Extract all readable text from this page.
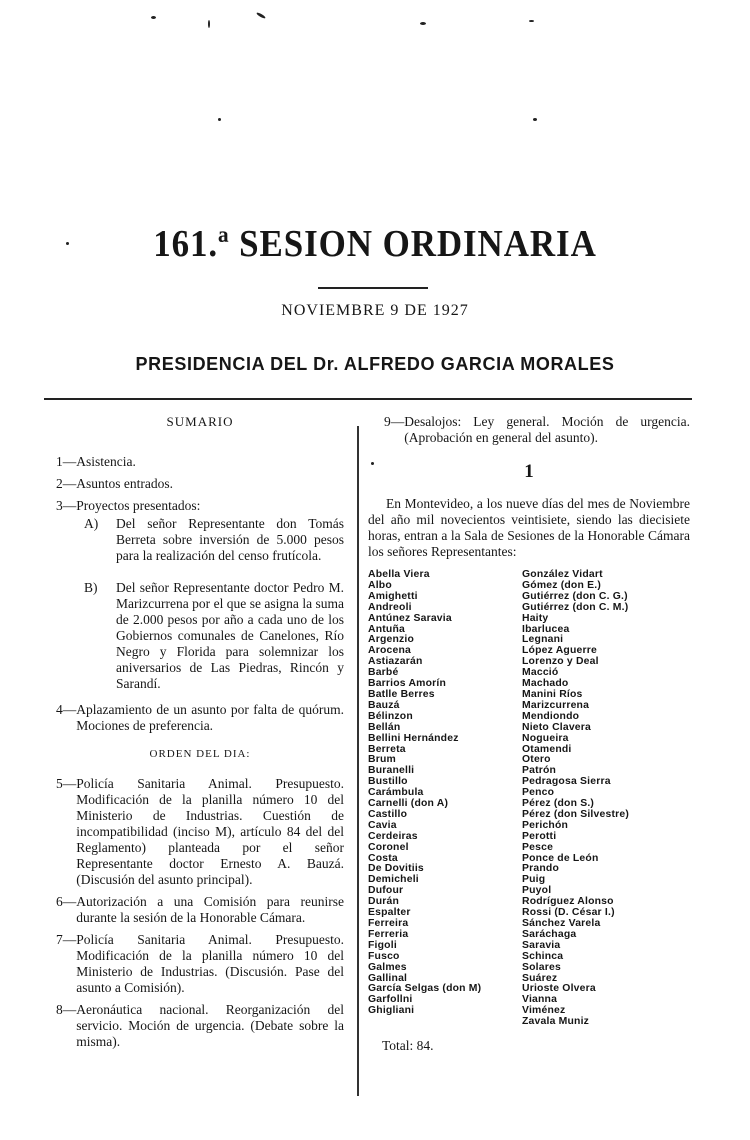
161.ª SESION ORDINARIA
NOVIEMBRE 9 DE 1927
PRESIDENCIA DEL Dr. ALFREDO GARCIA MORALES
SUMARIO
1— Asistencia.
2— Asuntos entrados.
3— Proyectos presentados:
A)	Del señor Representante don Tomás Berreta sobre inversión de 5.000 pesos para la realización del censo frutícola.
B)	Del señor Representante doctor Pedro M. Marizcurrena por el que se asigna la suma de 2.000 pesos por año a cada uno de los Gobiernos comunales de Canelones, Río Negro y Florida para solemnizar los aniversarios de Las Piedras, Rincón y Sarandí.
4— Aplazamiento de un asunto por falta de quórum. Mociones de preferencia.
ORDEN DEL DIA:
5— Policía Sanitaria Animal. Presupuesto. Modificación de la planilla número 10 del Ministerio de Industrias. Cuestión de incompatibilidad (inciso M), artículo 84 del del Reglamento) planteada por el señor Representante doctor Ernesto A. Bauzá. (Discusión del asunto principal).
6— Autorización a una Comisión para reunirse durante la sesión de la Honorable Cámara.
7— Policía Sanitaria Animal. Presupuesto. Modificación de la planilla número 10 del Ministerio de Industrias. (Discusión. Pase del asunto a Comisión).
8— Aeronáutica nacional. Reorganización del servicio. Moción de urgencia. (Debate sobre la misma).
9— Desalojos: Ley general. Moción de urgencia. (Aprobación en general del asunto).
1
En Montevideo, a los nueve días del mes de Noviembre del año mil novecientos veintisiete, siendo las diecisiete horas, entran a la Sala de Sesiones de la Honorable Cámara los señores Representantes:
Abella Viera
Albo
Amighetti
Andreoli
Antúnez Saravia
Antuña
Argenzio
Arocena
Astiazarán
Barbé
Barrios Amorín
Batlle Berres
Bauzá
Bélinzon
Bellán
Bellini Hernández
Berreta
Brum
Buranelli
Bustillo
Carámbula
Carnelli (don A)
Castillo
Cavia
Cerdeiras
Coronel
Costa
De Dovitiis
Demicheli
Dufour
Durán
Espalter
Ferreira
Ferreria
Figoli
Fusco
Galmes
Gallinal
García Selgas (don M)
Garfollni
Ghigliani
González Vidart
Gómez (don E.)
Gutiérrez (don C. G.)
Gutiérrez (don C. M.)
Haity
Ibarlucea
Legnani
López Aguerre
Lorenzo y Deal
Macció
Machado
Manini Ríos
Marizcurrena
Mendiondo
Nieto Clavera
Nogueira
Otamendi
Otero
Patrón
Pedragosa Sierra
Penco
Pérez (don S.)
Pérez (don Silvestre)
Perichón
Perotti
Pesce
Ponce de León
Prando
Puig
Puyol
Rodríguez Alonso
Rossi (D. César I.)
Sánchez Varela
Saráchaga
Saravia
Schinca
Solares
Suárez
Urioste Olvera
Vianna
Viménez
Zavala Muniz
Total: 84.
